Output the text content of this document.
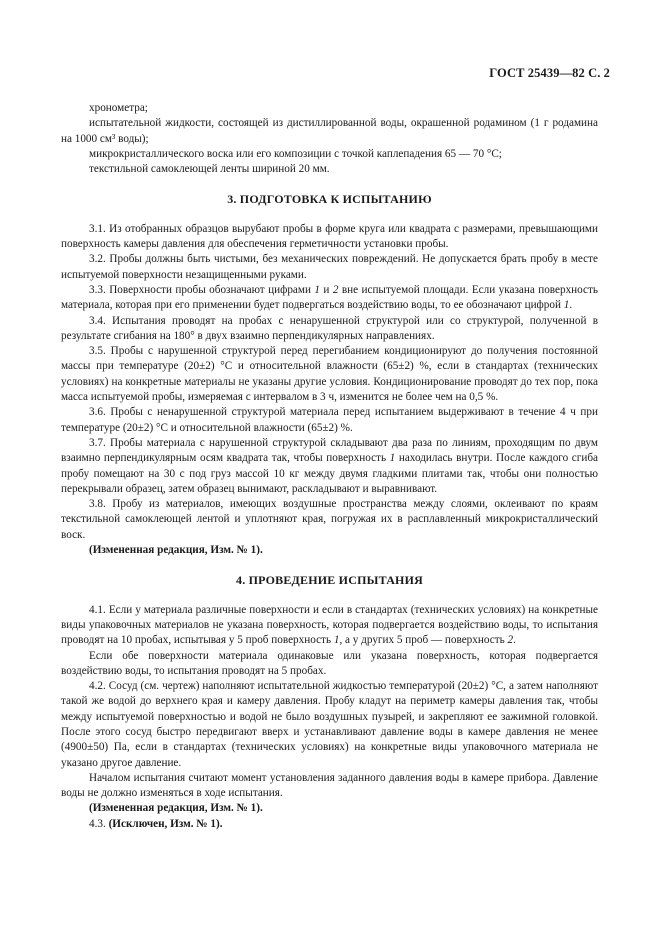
ГОСТ 25439—82 С. 2

хронометра;

испытательной жидкости, состоящей из дистиллированной воды, окрашенной родамином (1 г родамина на 1000 см³ воды);

микрокристаллического воска или его композиции с точкой каплепадения 65 — 70 °С;

текстильной самоклеющей ленты шириной 20 мм.

3. ПОДГОТОВКА К ИСПЫТАНИЮ

3.1. Из отобранных образцов вырубают пробы в форме круга или квадрата с размерами, превышающими поверхность камеры давления для обеспечения герметичности установки пробы.

3.2. Пробы должны быть чистыми, без механических повреждений. Не допускается брать пробу в месте испытуемой поверхности незащищенными руками.

3.3. Поверхности пробы обозначают цифрами 1 и 2 вне испытуемой площади. Если указана поверхность материала, которая при его применении будет подвергаться воздействию воды, то ее обозначают цифрой 1.

3.4. Испытания проводят на пробах с ненарушенной структурой или со структурой, полученной в результате сгибания на 180° в двух взаимно перпендикулярных направлениях.

3.5. Пробы с нарушенной структурой перед перегибанием кондиционируют до получения постоянной массы при температуре (20±2) °С и относительной влажности (65±2) %, если в стандартах (технических условиях) на конкретные материалы не указаны другие условия. Кондиционирование проводят до тех пор, пока масса испытуемой пробы, измеряемая с интервалом в 3 ч, изменится не более чем на 0,5 %.

3.6. Пробы с ненарушенной структурой материала перед испытанием выдерживают в течение 4 ч при температуре (20±2) °С и относительной влажности (65±2) %.

3.7. Пробы материала с нарушенной структурой складывают два раза по линиям, проходящим по двум взаимно перпендикулярным осям квадрата так, чтобы поверхность 1 находилась внутри. После каждого сгиба пробу помещают на 30 с под груз массой 10 кг между двумя гладкими плитами так, чтобы они полностью перекрывали образец, затем образец вынимают, раскладывают и выравнивают.

3.8. Пробу из материалов, имеющих воздушные пространства между слоями, оклеивают по краям текстильной самоклеющей лентой и уплотняют края, погружая их в расплавленный микрокристаллический воск.

(Измененная редакция, Изм. № 1).

4. ПРОВЕДЕНИЕ ИСПЫТАНИЯ

4.1. Если у материала различные поверхности и если в стандартах (технических условиях) на конкретные виды упаковочных материалов не указана поверхность, которая подвергается воздействию воды, то испытания проводят на 10 пробах, испытывая у 5 проб поверхность 1, а у других 5 проб — поверхность 2.

Если обе поверхности материала одинаковые или указана поверхность, которая подвергается воздействию воды, то испытания проводят на 5 пробах.

4.2. Сосуд (см. чертеж) наполняют испытательной жидкостью температурой (20±2) °С, а затем наполняют такой же водой до верхнего края и камеру давления. Пробу кладут на периметр камеры давления так, чтобы между испытуемой поверхностью и водой не было воздушных пузырей, и закрепляют ее зажимной головкой. После этого сосуд быстро передвигают вверх и устанавливают давление воды в камере давления не менее (4900±50) Па, если в стандартах (технических условиях) на конкретные виды упаковочного материала не указано другое давление.

Началом испытания считают момент установления заданного давления воды в камере прибора. Давление воды не должно изменяться в ходе испытания.

(Измененная редакция, Изм. № 1).

4.3. (Исключен, Изм. № 1).
